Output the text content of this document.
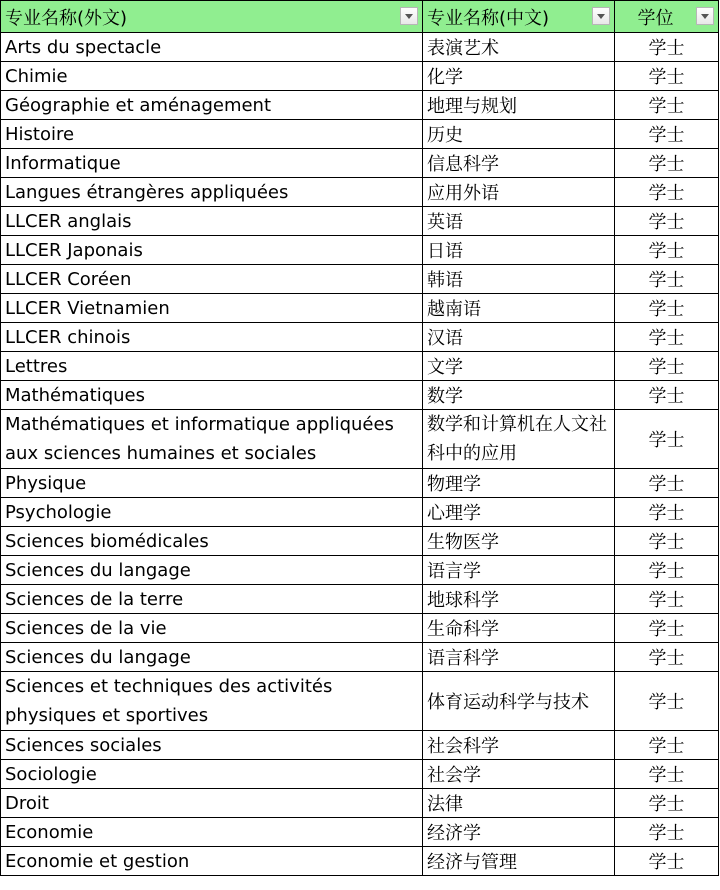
专业名称(外文)	专业名称(中文)	学位

Arts du spectacle	表演艺术	学士
Chimie	化学	学士
Géographie et aménagement	地理与规划	学士
Histoire	历史	学士
Informatique	信息科学	学士
Langues étrangères appliquées	应用外语	学士
LLCER anglais	英语	学士
LLCER Japonais	日语	学士
LLCER Coréen	韩语	学士
LLCER Vietnamien	越南语	学士
LLCER chinois	汉语	学士
Lettres	文学	学士
Mathématiques	数学	学士
Mathématiques et informatique appliquées aux sciences humaines et sociales	数学和计算机在人文社科中的应用	学士
Physique	物理学	学士
Psychologie	心理学	学士
Sciences biomédicales	生物医学	学士
Sciences du langage	语言学	学士
Sciences de la terre	地球科学	学士
Sciences de la vie	生命科学	学士
Sciences du langage	语言科学	学士
Sciences et techniques des activités physiques et sportives	体育运动科学与技术	学士
Sciences sociales	社会科学	学士
Sociologie	社会学	学士
Droit	法律	学士
Economie	经济学	学士
Economie et gestion	经济与管理	学士
